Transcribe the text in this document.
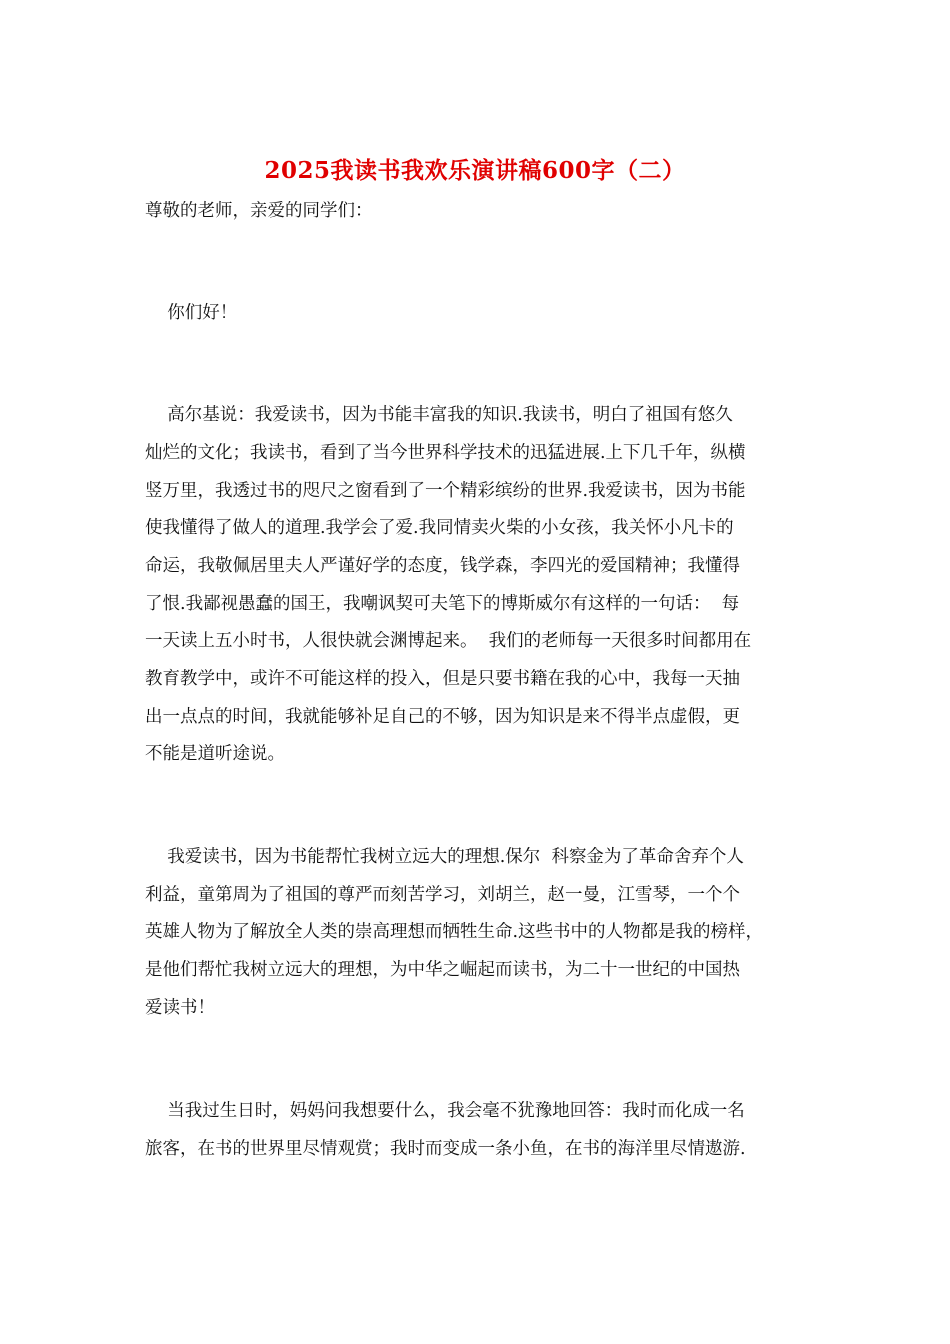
2025我读书我欢乐演讲稿600字（二）

尊敬的老师，亲爱的同学们：

你们好！

高尔基说：我爱读书，因为书能丰富我的知识.我读书，明白了祖国有悠久

灿烂的文化；我读书，看到了当今世界科学技术的迅猛进展.上下几千年，纵横

竖万里，我透过书的咫尺之窗看到了一个精彩缤纷的世界.我爱读书，因为书能

使我懂得了做人的道理.我学会了爱.我同情卖火柴的小女孩，我关怀小凡卡的

命运，我敬佩居里夫人严谨好学的态度，钱学森，李四光的爱国精神；我懂得

了恨.我鄙视愚蠢的国王，我嘲讽契可夫笔下的博斯威尔有这样的一句话：  每

一天读上五小时书，人很快就会渊博起来。  我们的老师每一天很多时间都用在

教育教学中，或许不可能这样的投入，但是只要书籍在我的心中，我每一天抽

出一点点的时间，我就能够补足自己的不够，因为知识是来不得半点虚假，更

不能是道听途说。

我爱读书，因为书能帮忙我树立远大的理想.保尔  科察金为了革命舍弃个人

利益，童第周为了祖国的尊严而刻苦学习，刘胡兰，赵一曼，江雪琴，一个个

英雄人物为了解放全人类的崇高理想而牺牲生命.这些书中的人物都是我的榜样，

是他们帮忙我树立远大的理想，为中华之崛起而读书，为二十一世纪的中国热

爱读书！

当我过生日时，妈妈问我想要什么，我会毫不犹豫地回答：我时而化成一名

旅客，在书的世界里尽情观赏；我时而变成一条小鱼，在书的海洋里尽情遨游.
